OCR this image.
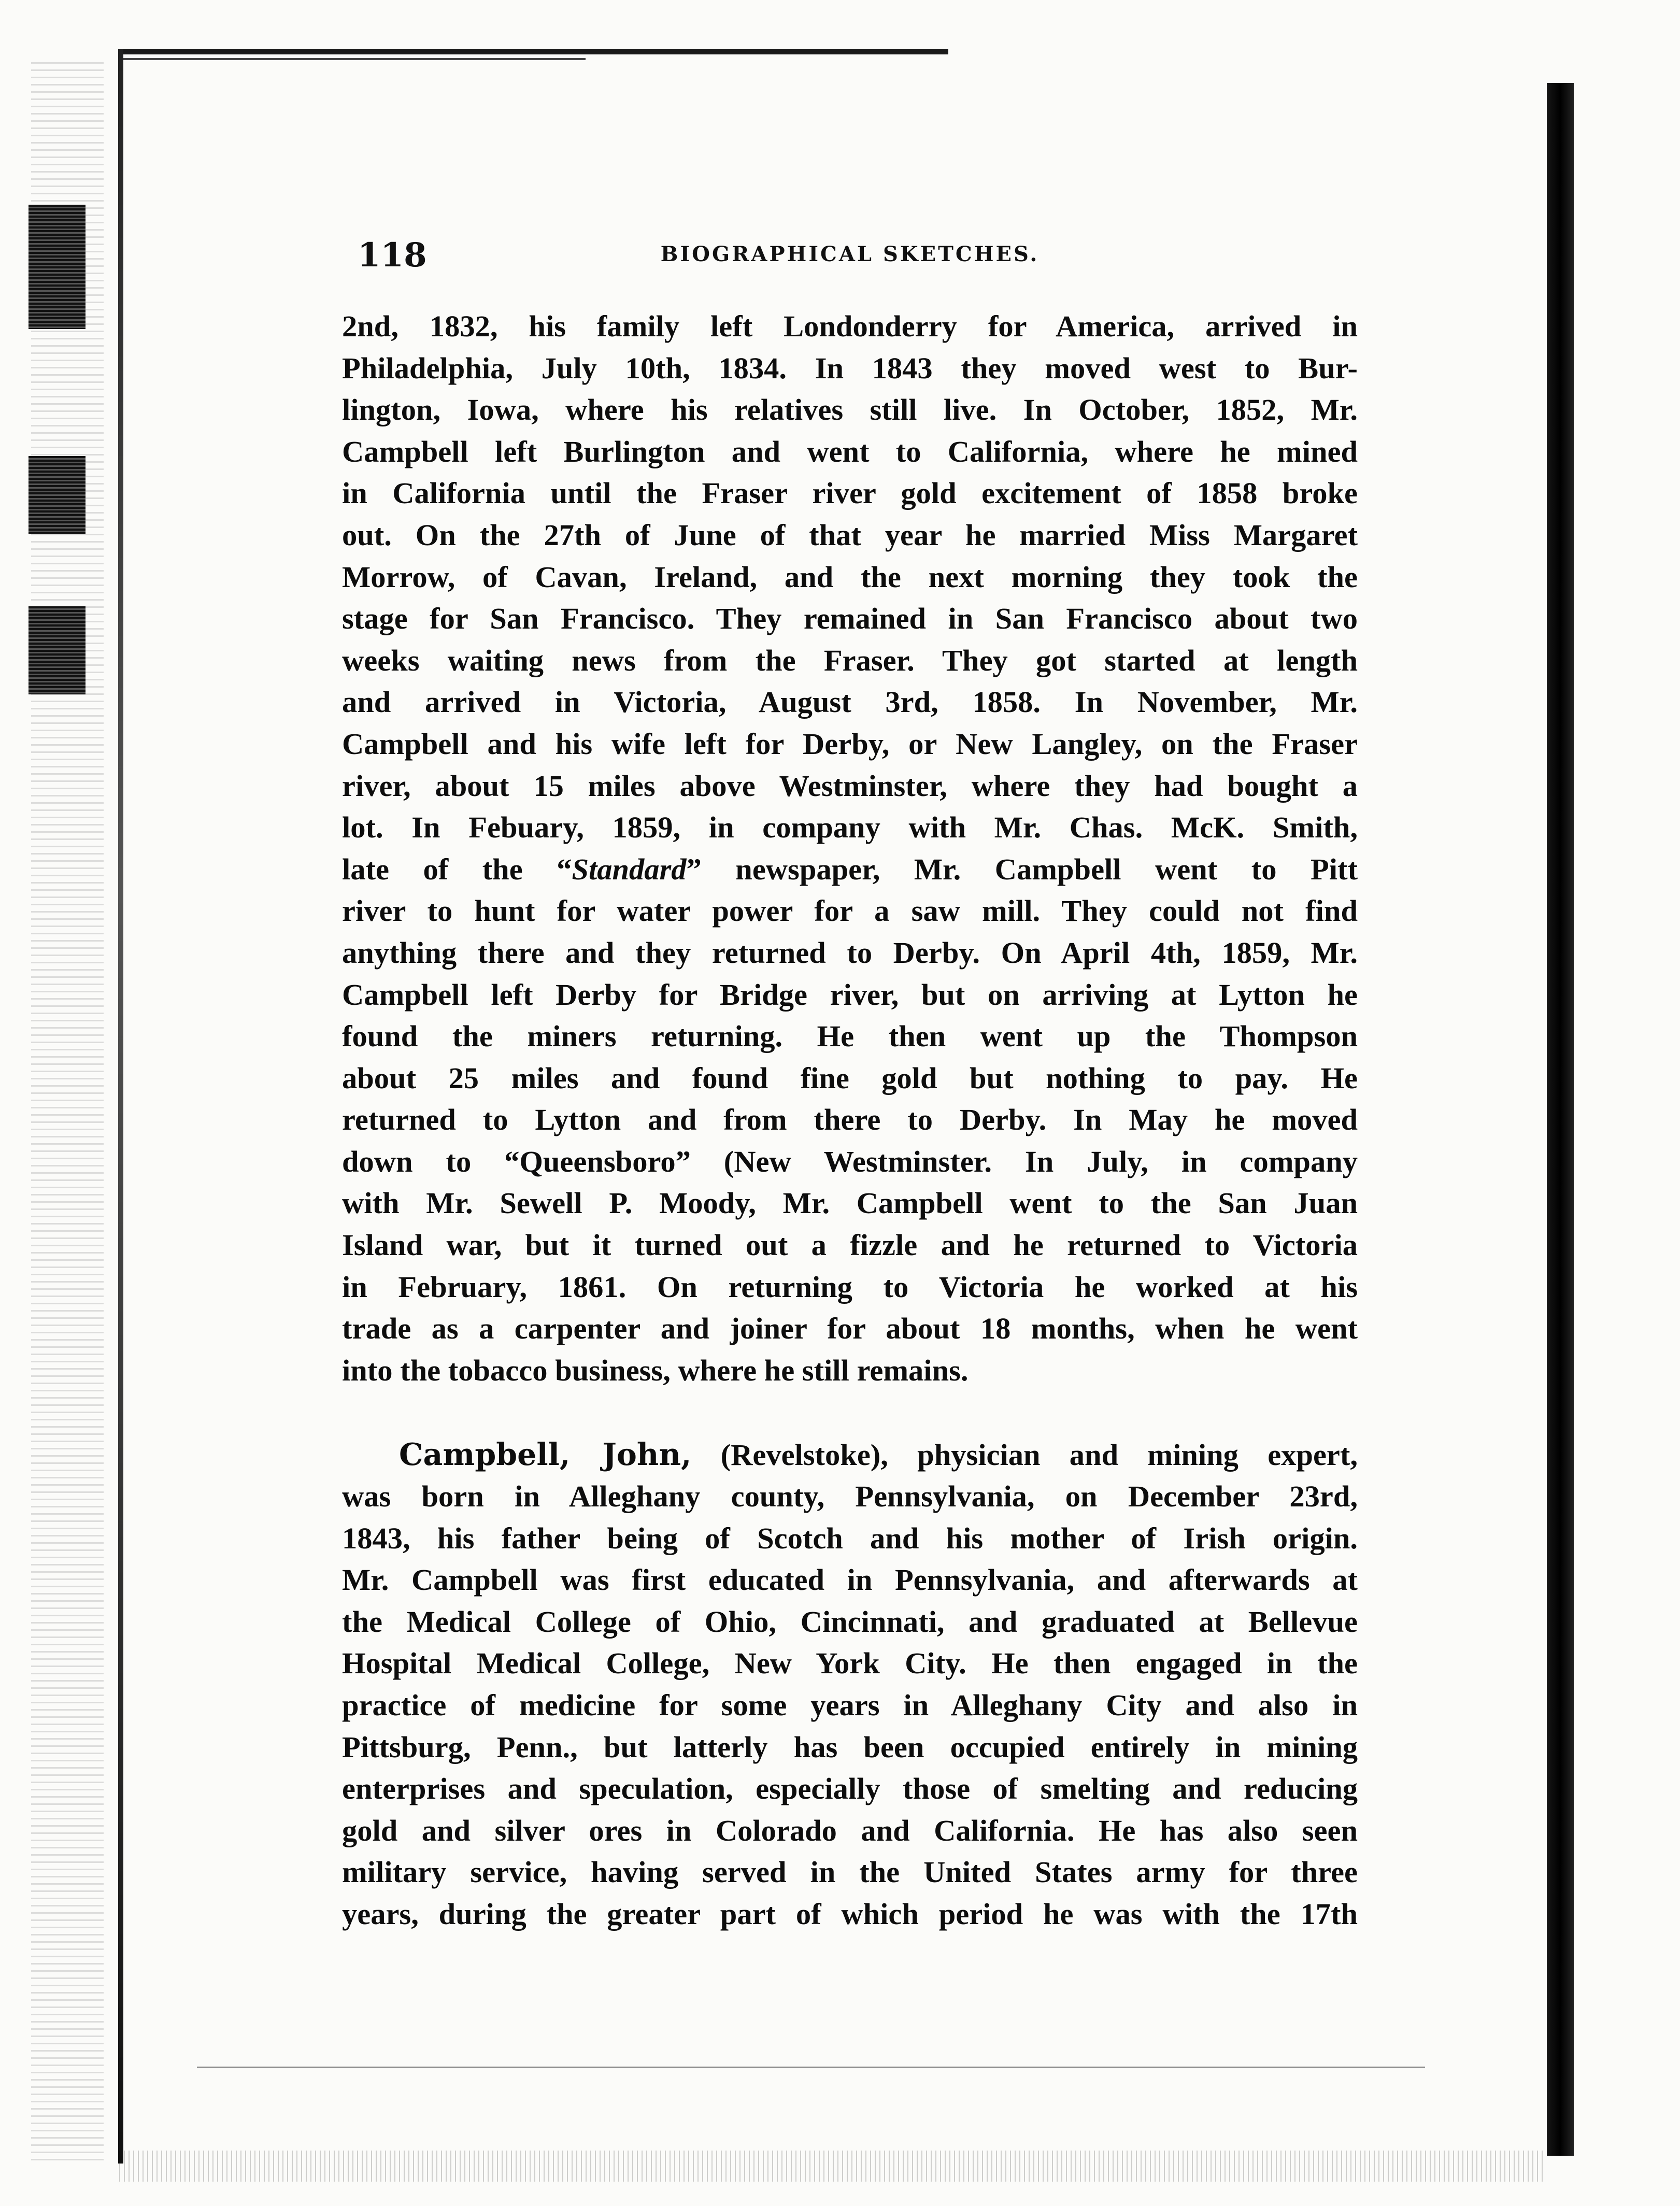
118	BIOGRAPHICAL SKETCHES.
2nd, 1832, his family left Londonderry for America, arrived in
Philadelphia, July 10th, 1834. In 1843 they moved west to Bur-
lington, Iowa, where his relatives still live. In October, 1852, Mr.
Campbell left Burlington and went to California, where he mined
in California until the Fraser river gold excitement of 1858 broke
out. On the 27th of June of that year he married Miss Margaret
Morrow, of Cavan, Ireland, and the next morning they took the
stage for San Francisco. They remained in San Francisco about two
weeks waiting news from the Fraser. They got started at length
and arrived in Victoria, August 3rd, 1858. In November, Mr.
Campbell and his wife left for Derby, or New Langley, on the Fraser
river, about 15 miles above Westminster, where they had bought a
lot. In Febuary, 1859, in company with Mr. Chas. McK. Smith,
late of the “Standard” newspaper, Mr. Campbell went to Pitt
river to hunt for water power for a saw mill. They could not find
anything there and they returned to Derby. On April 4th, 1859, Mr.
Campbell left Derby for Bridge river, but on arriving at Lytton he
found the miners returning. He then went up the Thompson
about 25 miles and found fine gold but nothing to pay. He
returned to Lytton and from there to Derby. In May he moved
down to “Queensboro” (New Westminster. In July, in company
with Mr. Sewell P. Moody, Mr. Campbell went to the San Juan
Island war, but it turned out a fizzle and he returned to Victoria
in February, 1861. On returning to Victoria he worked at his
trade as a carpenter and joiner for about 18 months, when he went
into the tobacco business, where he still remains.
Campbell, John, (Revelstoke), physician and mining expert,
was born in Alleghany county, Pennsylvania, on December 23rd,
1843, his father being of Scotch and his mother of Irish origin.
Mr. Campbell was first educated in Pennsylvania, and afterwards at
the Medical College of Ohio, Cincinnati, and graduated at Bellevue
Hospital Medical College, New York City. He then engaged in the
practice of medicine for some years in Alleghany City and also in
Pittsburg, Penn., but latterly has been occupied entirely in mining
enterprises and speculation, especially those of smelting and reducing
gold and silver ores in Colorado and California. He has also seen
military service, having served in the United States army for three
years, during the greater part of which period he was with the 17th
